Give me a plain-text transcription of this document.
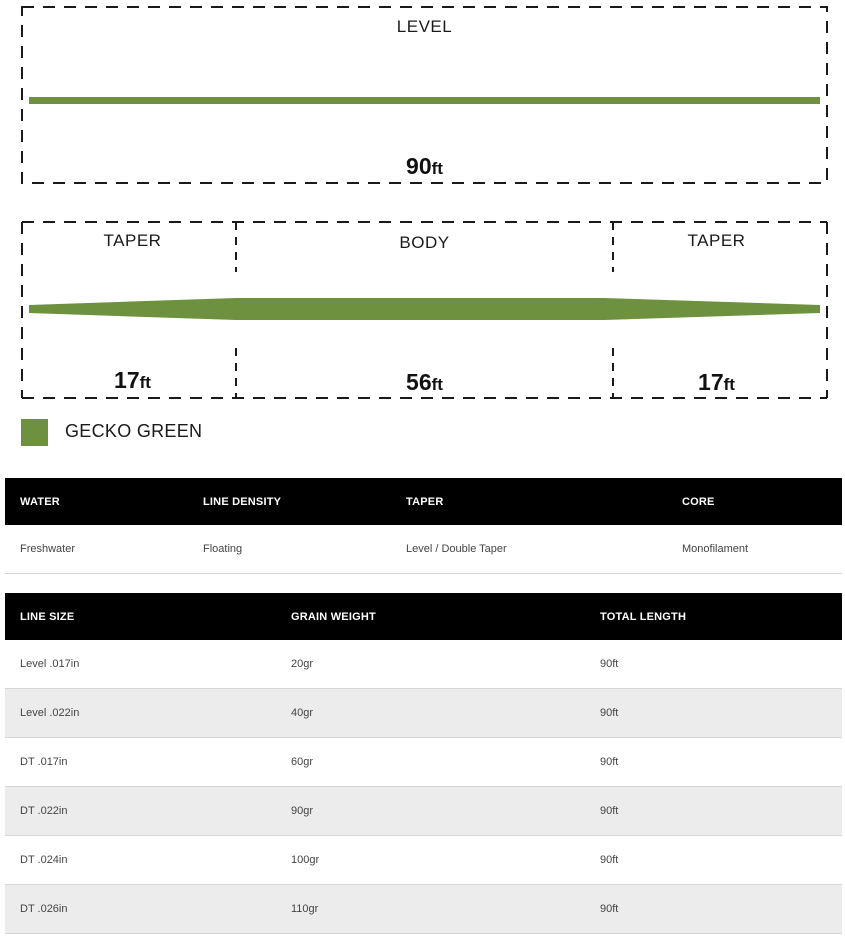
LEVEL
90ft
TAPER	BODY	TAPER
17ft	56ft	17ft
GECKO GREEN
WATER	LINE DENSITY	TAPER	CORE
Freshwater	Floating	Level / Double Taper	Monofilament
LINE SIZE	GRAIN WEIGHT	TOTAL LENGTH
Level .017in	20gr	90ft
Level .022in	40gr	90ft
DT .017in	60gr	90ft
DT .022in	90gr	90ft
DT .024in	100gr	90ft
DT .026in	110gr	90ft
